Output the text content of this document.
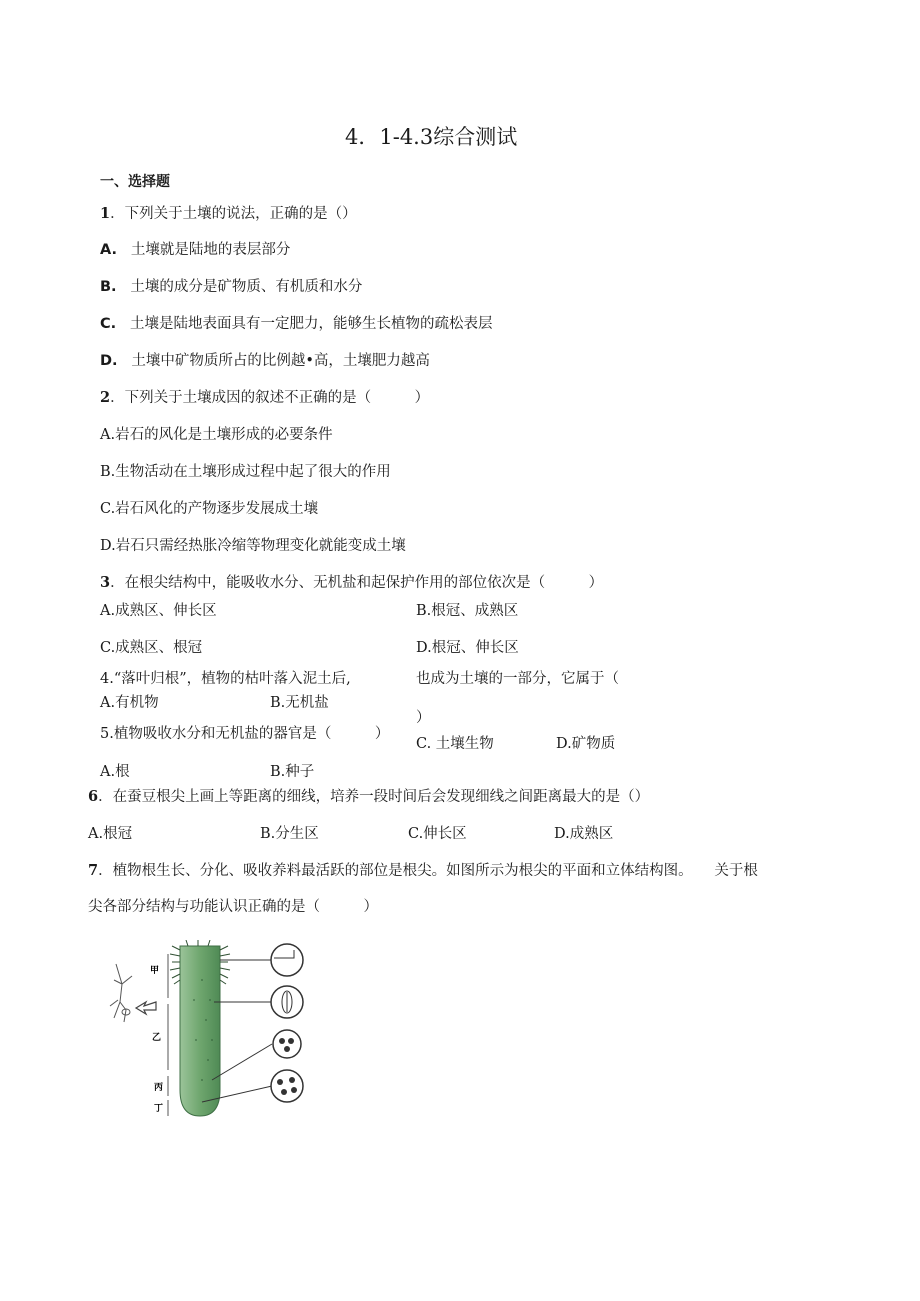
4．1-4.3综合测试
一、选择题
1．下列关于土壤的说法，正确的是（）
A. 土壤就是陆地的表层部分
B. 土壤的成分是矿物质、有机质和水分
C. 土壤是陆地表面具有一定肥力，能够生长植物的疏松表层
D. 土壤中矿物质所占的比例越•高，土壤肥力越高
2．下列关于土壤成因的叙述不正确的是（　　　）
A.岩石的风化是土壤形成的必要条件
B.生物活动在土壤形成过程中起了很大的作用
C.岩石风化的产物逐步发展成土壤
D.岩石只需经热胀冷缩等物理变化就能变成土壤
3．在根尖结构中，能吸收水分、无机盐和起保护作用的部位依次是（　　　）
A.成熟区、伸长区	B.根冠、成熟区
C.成熟区、根冠	D.根冠、伸长区
4.“落叶归根”，植物的枯叶落入泥土后,	也成为土壤的一部分，它属于（
A.有机物	B.无机盐
）
5.植物吸收水分和无机盐的器官是（　　　）
C. 土壤生物	D.矿物质
A.根	B.种子
6．在蚕豆根尖上画上等距离的细线，培养一段时间后会发现细线之间距离最大的是（）
A.根冠	B.分生区	C.伸长区	D.成熟区
7．植物根生长、分化、吸收养料最活跃的部位是根尖。如图所示为根尖的平面和立体结构图。　　关于根
尖各部分结构与功能认识正确的是（　　　）
甲
乙
丙
丁
